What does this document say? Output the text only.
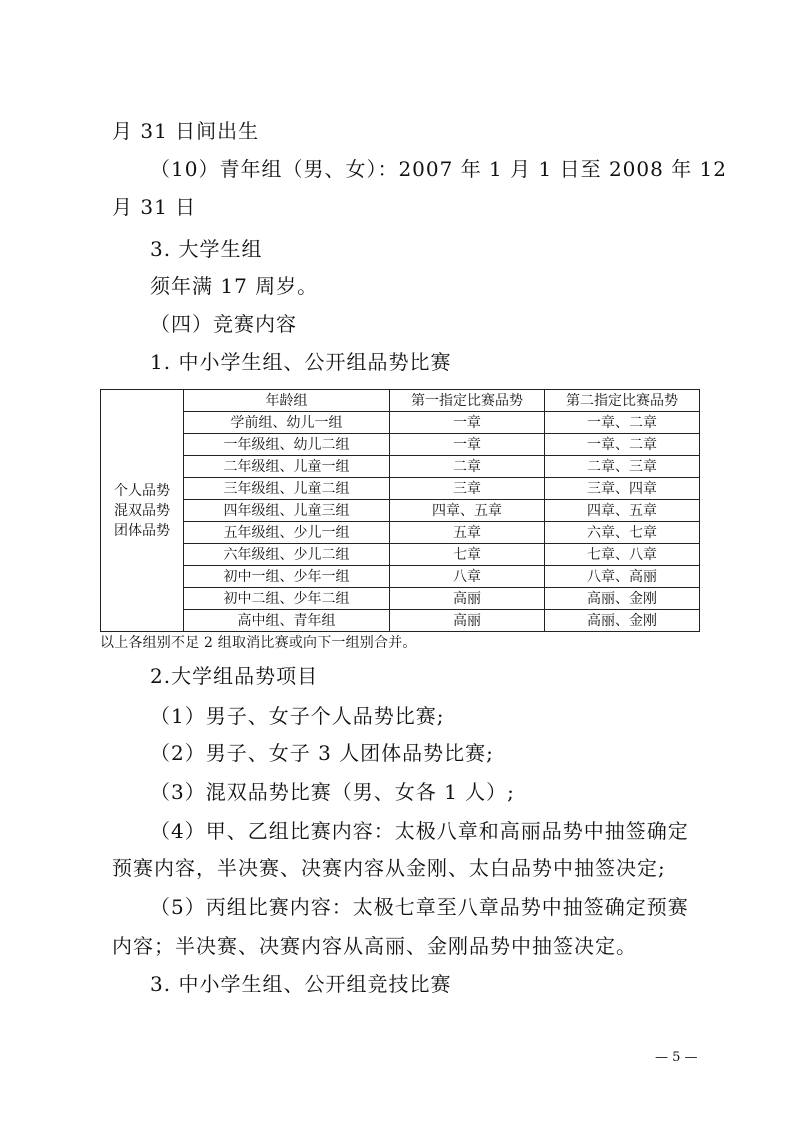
月 31 日间出生
（10）青年组（男、女）：2007 年 1 月 1 日至 2008 年 12
月 31 日
3. 大学生组
须年满 17 周岁。
（四）竞赛内容
1. 中小学生组、公开组品势比赛
个人品势
混双品势
团体品势	年龄组	第一指定比赛品势	第二指定比赛品势
	学前组、幼儿一组	一章	一章、二章
	一年级组、幼儿二组	一章	一章、二章
	二年级组、儿童一组	二章	二章、三章
	三年级组、儿童二组	三章	三章、四章
	四年级组、儿童三组	四章、五章	四章、五章
	五年级组、少儿一组	五章	六章、七章
	六年级组、少儿二组	七章	七章、八章
	初中一组、少年一组	八章	八章、高丽
	初中二组、少年二组	高丽	高丽、金刚
	高中组、青年组	高丽	高丽、金刚
以上各组别不足 2 组取消比赛或向下一组别合并。
2.大学组品势项目
（1）男子、女子个人品势比赛;
（2）男子、女子 3 人团体品势比赛;
（3）混双品势比赛（男、女各 1 人）;
（4）甲、乙组比赛内容：太极八章和高丽品势中抽签确定
预赛内容，半决赛、决赛内容从金刚、太白品势中抽签决定;
（5）丙组比赛内容：太极七章至八章品势中抽签确定预赛
内容；半决赛、决赛内容从高丽、金刚品势中抽签决定。
3. 中小学生组、公开组竞技比赛
— 5 —
